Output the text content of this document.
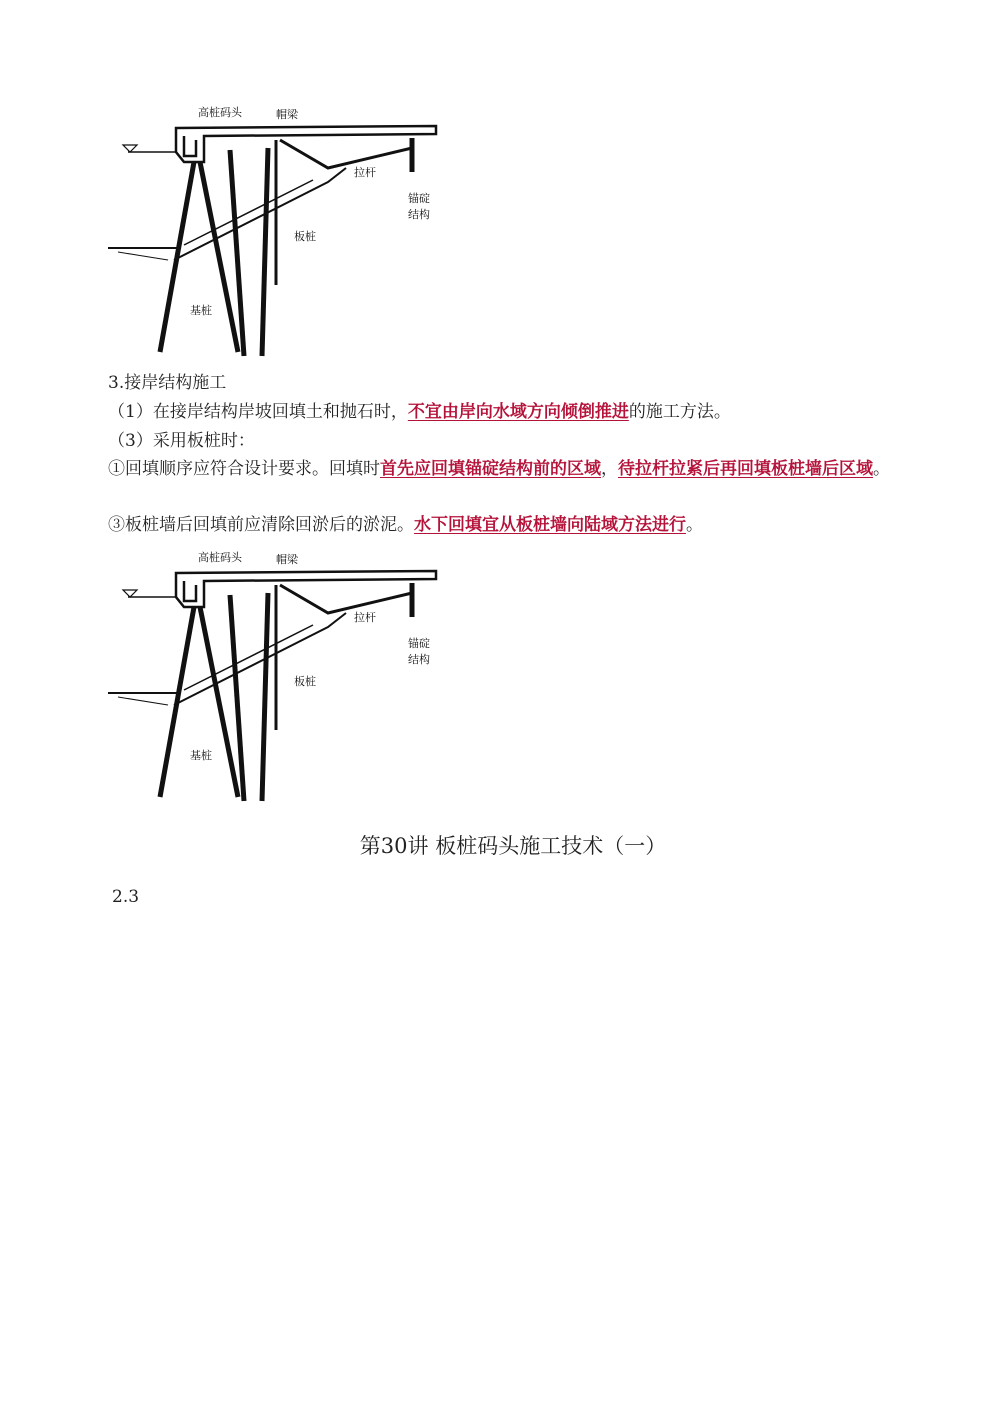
高桩码头	帽梁
拉杆
锚碇
结构
板桩
基桩

3.接岸结构施工

（1）在接岸结构岸坡回填土和抛石时，不宜由岸向水域方向倾倒推进的施工方法。

（3）采用板桩时：

①回填顺序应符合设计要求。回填时首先应回填锚碇结构前的区域，待拉杆拉紧后再回填板桩墙后区域。

③板桩墙后回填前应清除回淤后的淤泥。水下回填宜从板桩墙向陆域方法进行。

高桩码头	帽梁
拉杆
锚碇
结构
板桩
基桩
第30讲 板桩码头施工技术（一）

2.3
